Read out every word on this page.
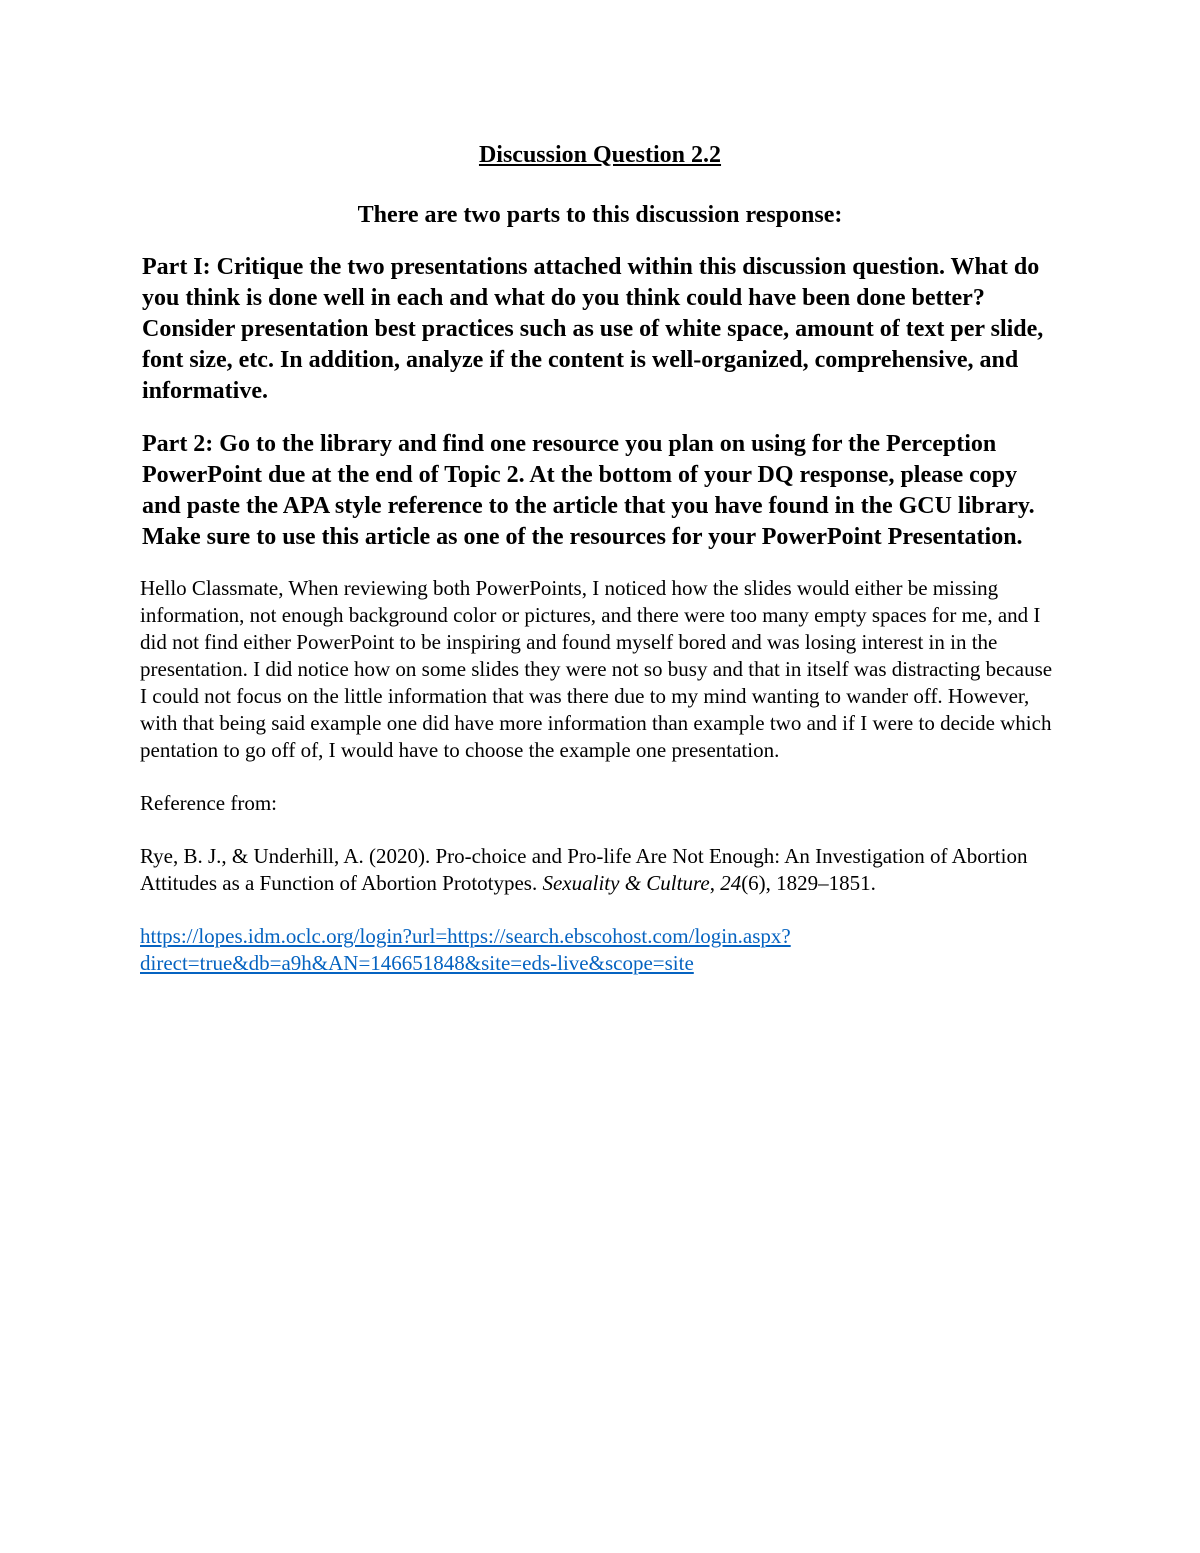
Discussion Question 2.2
There are two parts to this discussion response:

Part I: Critique the two presentations attached within this discussion question. What do you think is done well in each and what do you think could have been done better? Consider presentation best practices such as use of white space, amount of text per slide, font size, etc. In addition, analyze if the content is well-organized, comprehensive, and informative.

Part 2: Go to the library and find one resource you plan on using for the Perception PowerPoint due at the end of Topic 2. At the bottom of your DQ response, please copy and paste the APA style reference to the article that you have found in the GCU library. Make sure to use this article as one of the resources for your PowerPoint Presentation.

Hello Classmate, When reviewing both PowerPoints, I noticed how the slides would either be missing information, not enough background color or pictures, and there were too many empty spaces for me, and I did not find either PowerPoint to be inspiring and found myself bored and was losing interest in in the presentation. I did notice how on some slides they were not so busy and that in itself was distracting because I could not focus on the little information that was there due to my mind wanting to wander off. However, with that being said example one did have more information than example two and if I were to decide which pentation to go off of, I would have to choose the example one presentation.

Reference from:

Rye, B. J., & Underhill, A. (2020). Pro-choice and Pro-life Are Not Enough: An Investigation of Abortion Attitudes as a Function of Abortion Prototypes. Sexuality & Culture, 24(6), 1829–1851.

https://lopes.idm.oclc.org/login?url=https://search.ebscohost.com/login.aspx?
direct=true&db=a9h&AN=146651848&site=eds-live&scope=site
